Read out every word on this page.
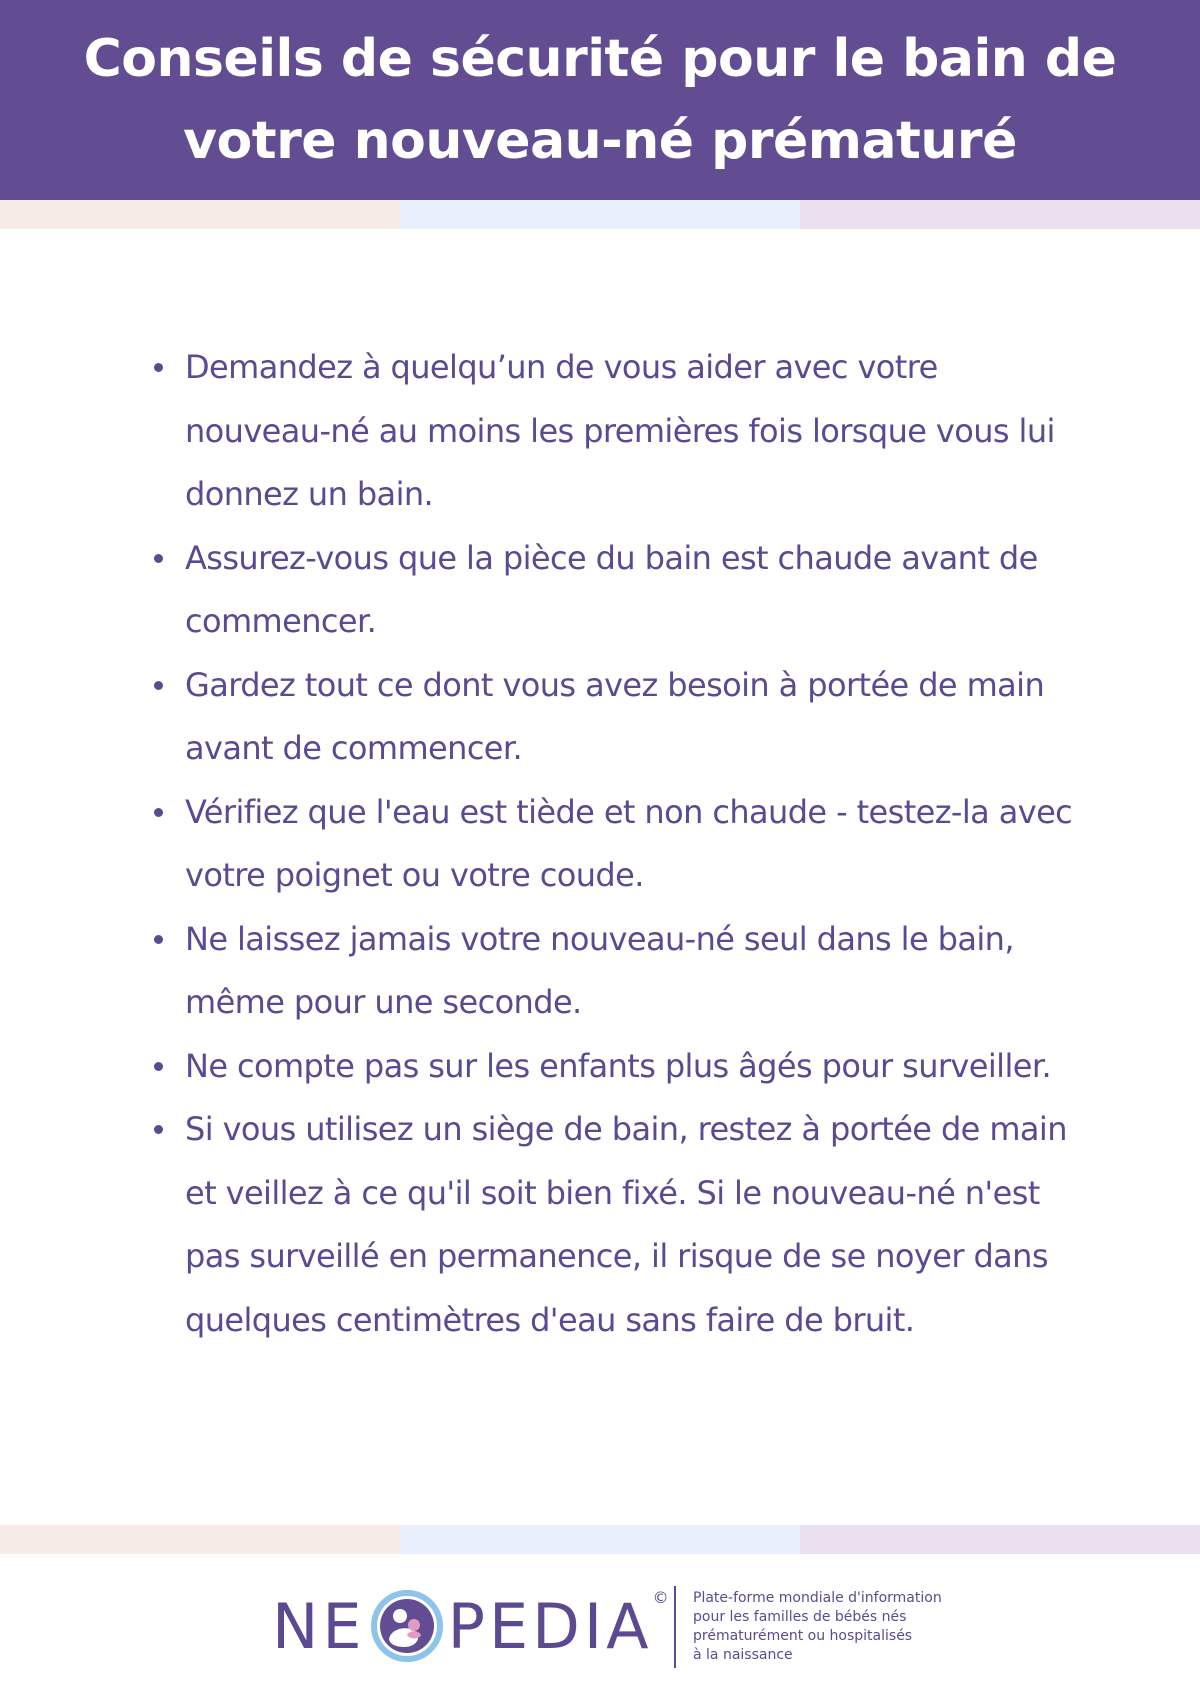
Conseils de sécurité pour le bain de votre nouveau-né prématuré
Demandez à quelqu’un de vous aider avec votre nouveau-né au moins les premières fois lorsque vous lui donnez un bain.
Assurez-vous que la pièce du bain est chaude avant de commencer.
Gardez tout ce dont vous avez besoin à portée de main avant de commencer.
Vérifiez que l'eau est tiède et non chaude - testez-la avec votre poignet ou votre coude.
Ne laissez jamais votre nouveau-né seul dans le bain, même pour une seconde.
Ne compte pas sur les enfants plus âgés pour surveiller.
Si vous utilisez un siège de bain, restez à portée de main et veillez à ce qu'il soit bien fixé. Si le nouveau-né n'est pas surveillé en permanence, il risque de se noyer dans quelques centimètres d'eau sans faire de bruit.
NE PEDIA © Plate-forme mondiale d'information
pour les familles de bébés nés
prématurément ou hospitalisés
à la naissance
